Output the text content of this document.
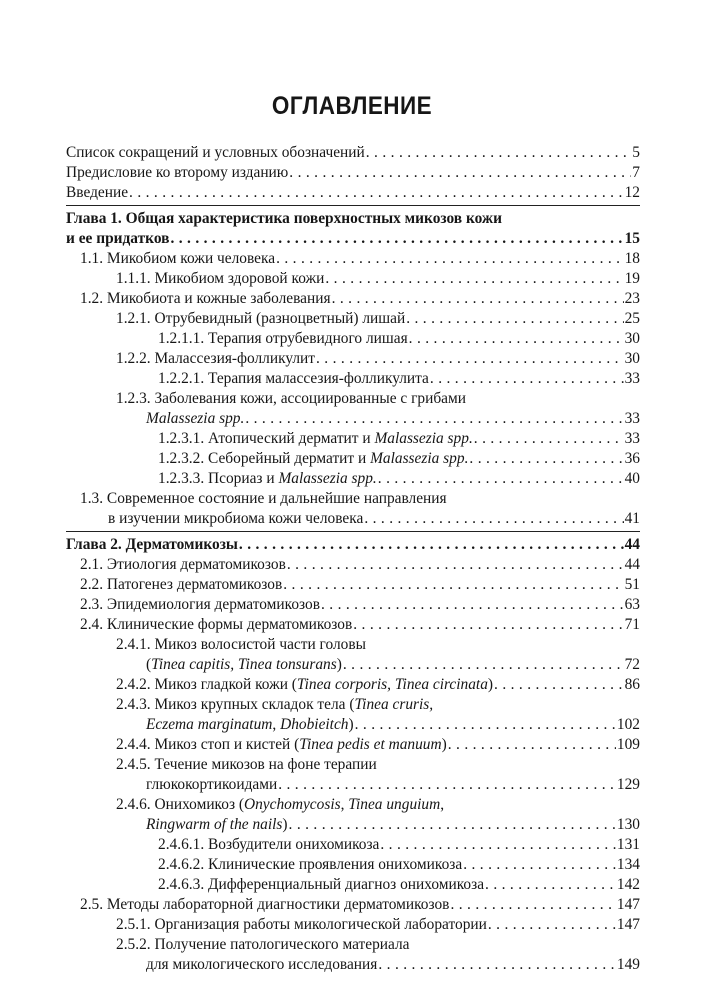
ОГЛАВЛЕНИЕ
Список сокращений и условных обозначений . . .	5
Предисловие ко второму изданию . . .	7
Введение . . .	12
Глава 1. Общая характеристика поверхностных микозов кожи
и ее придатков . . .	15
1.1. Микобиом кожи человека . . .	18
1.1.1. Микобиом здоровой кожи . . .	19
1.2. Микобиота и кожные заболевания . . .	23
1.2.1. Отрубевидный (разноцветный) лишай . . .	25
1.2.1.1. Терапия отрубевидного лишая . . .	30
1.2.2. Малассезия-фолликулит . . .	30
1.2.2.1. Терапия малассезия-фолликулита . . .	33
1.2.3. Заболевания кожи, ассоциированные с грибами
Malassezia spp. . . .	33
1.2.3.1. Атопический дерматит и Malassezia spp. . . .	33
1.2.3.2. Себорейный дерматит и Malassezia spp. . . .	36
1.2.3.3. Псориаз и Malassezia spp. . . .	40
1.3. Современное состояние и дальнейшие направления
в изучении микробиома кожи человека . . .	41
Глава 2. Дерматомикозы . . .	44
2.1. Этиология дерматомикозов . . .	44
2.2. Патогенез дерматомикозов . . .	51
2.3. Эпидемиология дерматомикозов . . .	63
2.4. Клинические формы дерматомикозов . . .	71
2.4.1. Микоз волосистой части головы
(Tinea capitis, Tinea tonsurans) . . .	72
2.4.2. Микоз гладкой кожи (Tinea corporis, Tinea circinata) . . .	86
2.4.3. Микоз крупных складок тела (Tinea cruris,
Eczema marginatum, Dhobieitch) . . .	102
2.4.4. Микоз стоп и кистей (Tinea pedis et manuum) . . .	109
2.4.5. Течение микозов на фоне терапии
глюкокортикоидами . . .	129
2.4.6. Онихомикоз (Onychomycosis, Tinea unguium,
Ringwarm of the nails) . . .	130
2.4.6.1. Возбудители онихомикоза . . .	131
2.4.6.2. Клинические проявления онихомикоза . . .	134
2.4.6.3. Дифференциальный диагноз онихомикоза . . .	142
2.5. Методы лабораторной диагностики дерматомикозов . . .	147
2.5.1. Организация работы микологической лаборатории . . .	147
2.5.2. Получение патологического материала
для микологического исследования . . .	149
